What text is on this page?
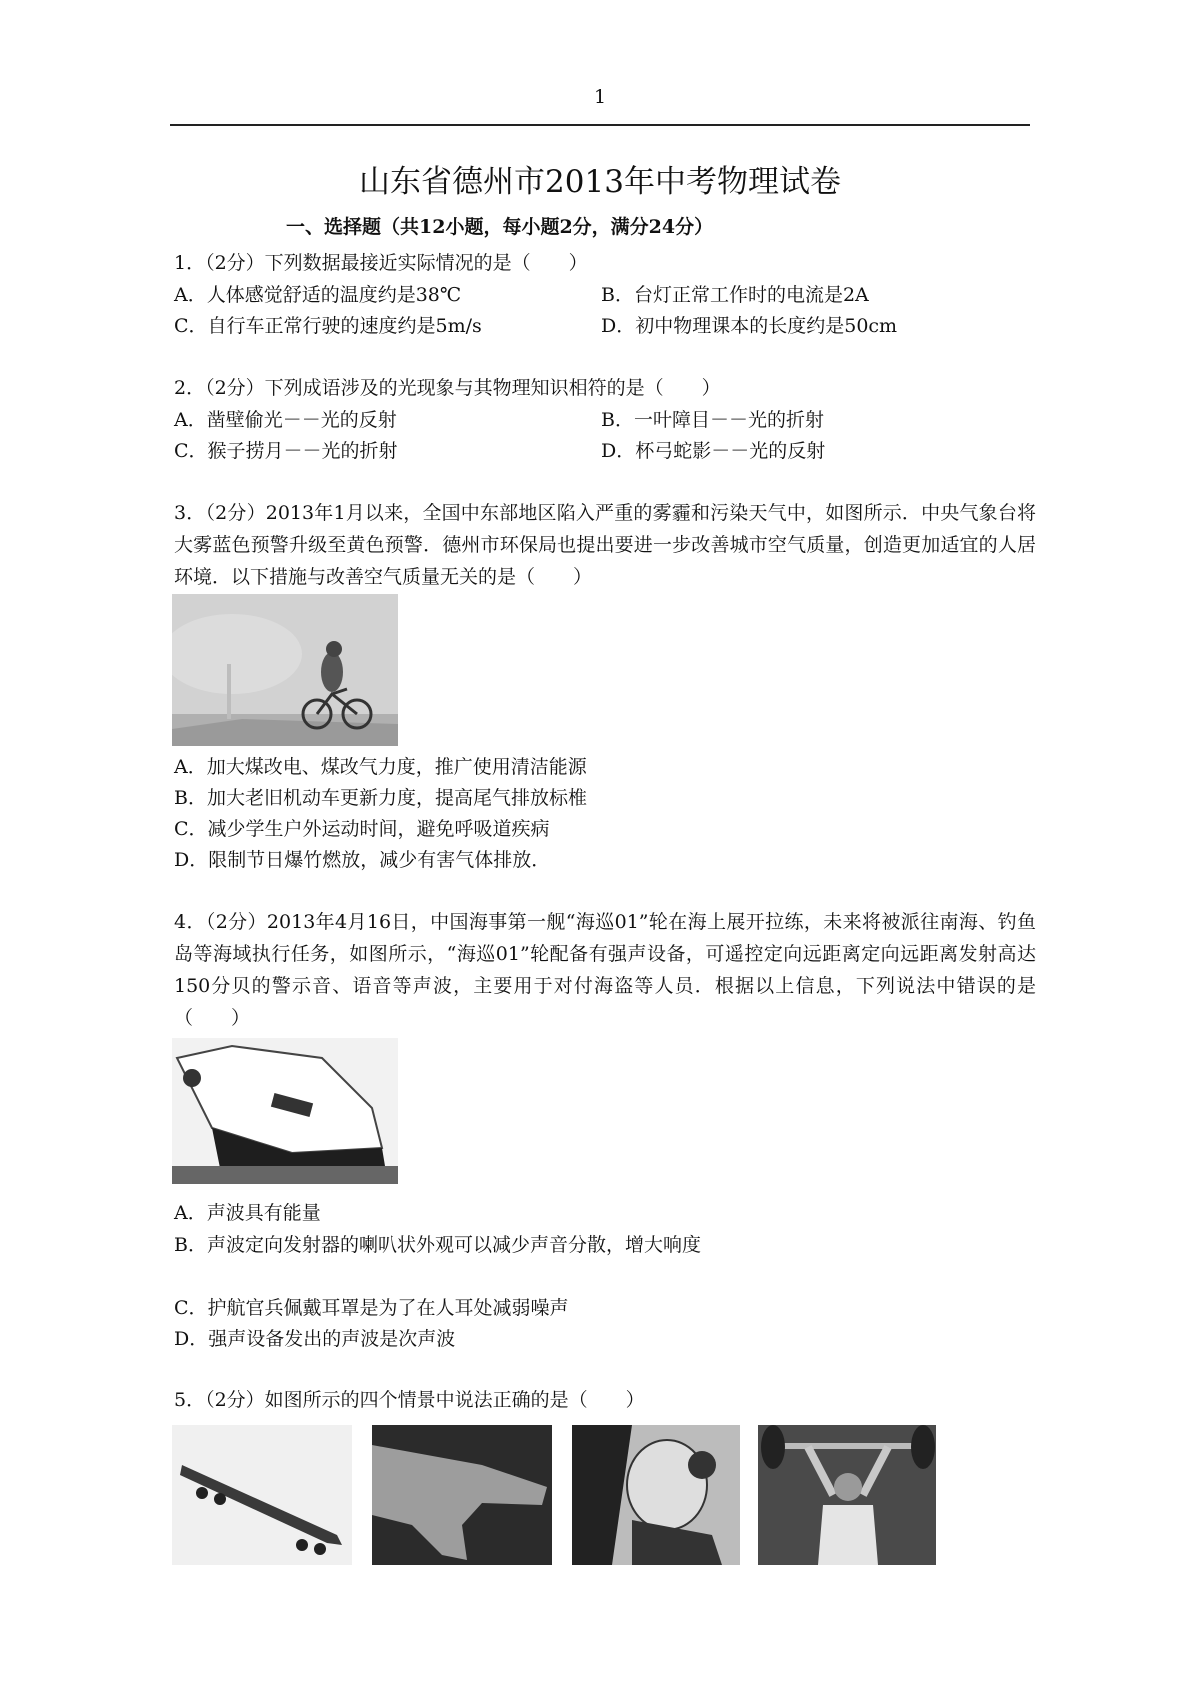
1
山东省德州市2013年中考物理试卷
一、选择题（共12小题，每小题2分，满分24分）
1．（2分）下列数据最接近实际情况的是（　　）
A．人体感觉舒适的温度约是38℃	B．台灯正常工作时的电流是2A
C．自行车正常行驶的速度约是5m/s	D．初中物理课本的长度约是50cm
2．（2分）下列成语涉及的光现象与其物理知识相符的是（　　）
A．凿壁偷光－－光的反射	B．一叶障目－－光的折射
C．猴子捞月－－光的折射	D．杯弓蛇影－－光的反射
3．（2分）2013年1月以来，全国中东部地区陷入严重的雾霾和污染天气中，如图所示．中央气象台将大雾蓝色预警升级至黄色预警．德州市环保局也提出要进一步改善城市空气质量，创造更加适宜的人居环境．以下措施与改善空气质量无关的是（　　）
A．加大煤改电、煤改气力度，推广使用清洁能源
B．加大老旧机动车更新力度，提高尾气排放标椎
C．减少学生户外运动时间，避免呼吸道疾病
D．限制节日爆竹燃放，减少有害气体排放．
4．（2分）2013年4月16日，中国海事第一舰“海巡01”轮在海上展开拉练，未来将被派往南海、钓鱼岛等海域执行任务，如图所示，“海巡01”轮配备有强声设备，可遥控定向远距离定向远距离发射高达150分贝的警示音、语音等声波，主要用于对付海盗等人员．根据以上信息，下列说法中错误的是（　　）
A．声波具有能量
B．声波定向发射器的喇叭状外观可以减少声音分散，增大响度
C．护航官兵佩戴耳罩是为了在人耳处减弱噪声
D．强声设备发出的声波是次声波
5．（2分）如图所示的四个情景中说法正确的是（　　）
